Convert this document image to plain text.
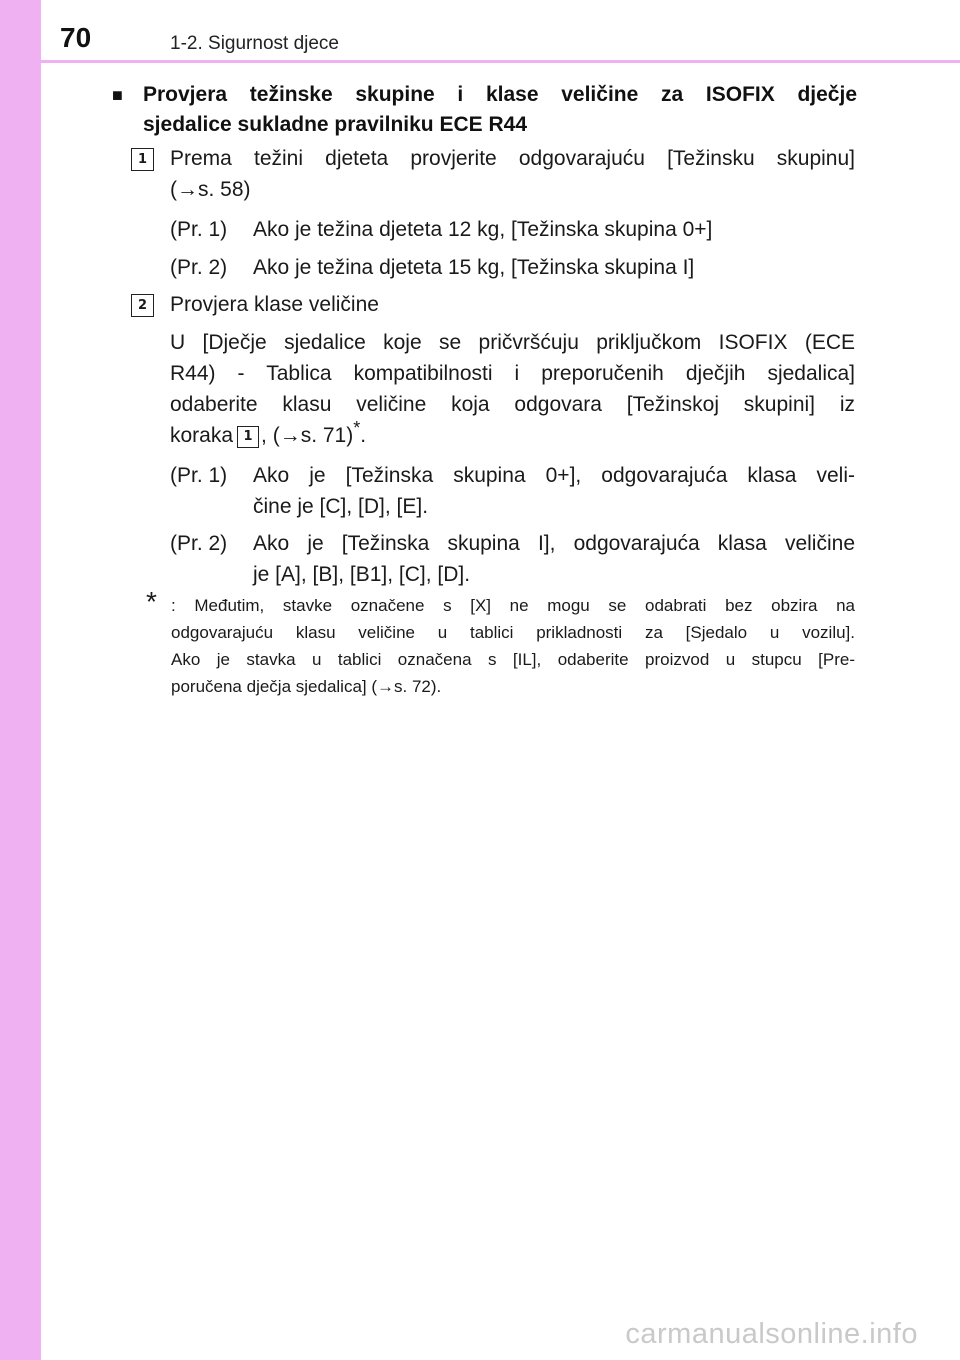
70	1-2. Sigurnost djece
■ Provjera težinske skupine i klase veličine za ISOFIX dječje
sjedalice sukladne pravilniku ECE R44
1	Prema težini djeteta provjerite odgovarajuću [Težinsku skupinu]
(→s. 58)
(Pr. 1) Ako je težina djeteta 12 kg, [Težinska skupina 0+]
(Pr. 2) Ako je težina djeteta 15 kg, [Težinska skupina I]
2	Provjera klase veličine
U [Dječje sjedalice koje se pričvršćuju priključkom ISOFIX (ECE
R44) - Tablica kompatibilnosti i preporučenih dječjih sjedalica]
odaberite klasu veličine koja odgovara [Težinskoj skupini] iz
koraka 1 , (→s. 71)*.
(Pr. 1) Ako je [Težinska skupina 0+], odgovarajuća klasa veli-
čine je [C], [D], [E].
(Pr. 2) Ako je [Težinska skupina I], odgovarajuća klasa veličine
je [A], [B], [B1], [C], [D].
* : Međutim, stavke označene s [X] ne mogu se odabrati bez obzira na
odgovarajuću klasu veličine u tablici prikladnosti za [Sjedalo u vozilu].
Ako je stavka u tablici označena s [IL], odaberite proizvod u stupcu [Pre-
poručena dječja sjedalica] (→s. 72).
carmanualsonline.info
